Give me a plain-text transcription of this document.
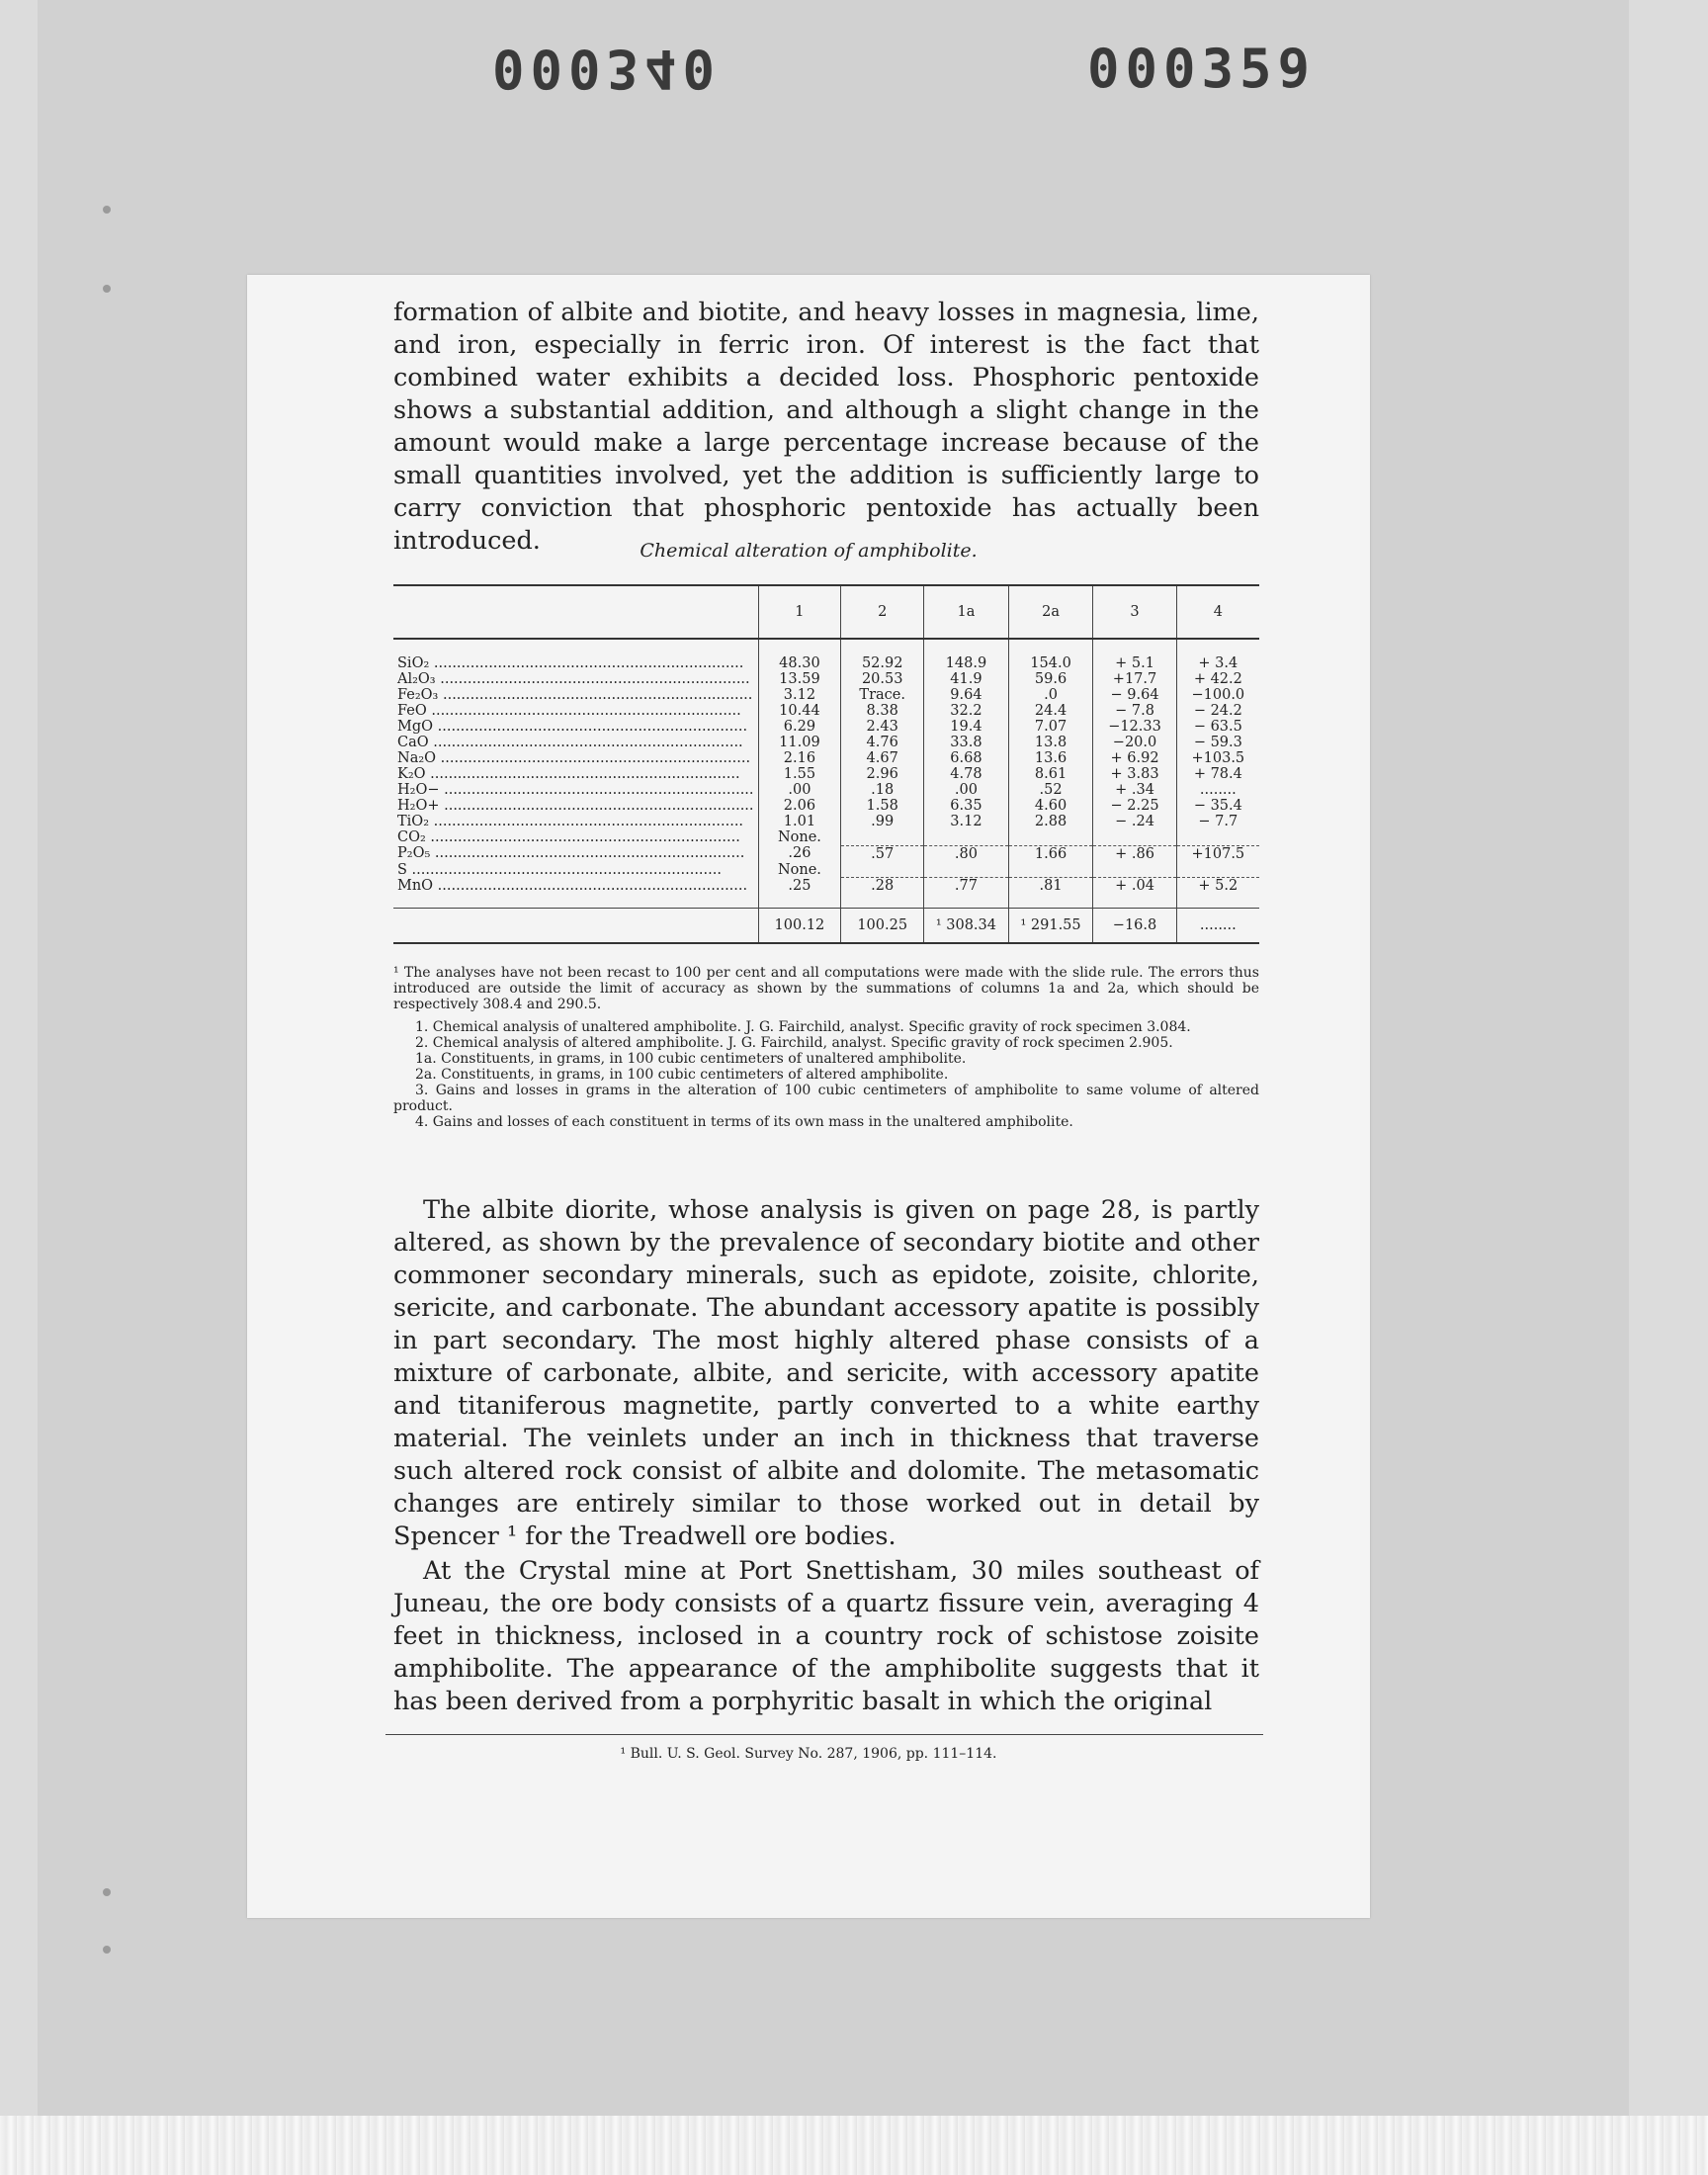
000340	000359

formation of albite and biotite, and heavy losses in magnesia, lime, and iron, especially in ferric iron. Of interest is the fact that combined water exhibits a decided loss. Phosphoric pentoxide shows a substantial addition, and although a slight change in the amount would make a large percentage increase because of the small quantities involved, yet the addition is sufficiently large to carry conviction that phosphoric pentoxide has actually been introduced.	Chemical alteration of amphibolite.
	1	2	1a	2a	3	4

SiO₂ .....	48.30	52.92	148.9	154.0	+ 5.1	+ 3.4
Al₂O₃ .....	13.59	20.53	41.9	59.6	+17.7	+ 42.2
Fe₂O₃ .....	3.12	Trace.	9.64	.0	− 9.64	−100.0
FeO .....	10.44	8.38	32.2	24.4	− 7.8	− 24.2
MgO .....	6.29	2.43	19.4	7.07	−12.33	− 63.5
CaO .....	11.09	4.76	33.8	13.8	−20.0	− 59.3
Na₂O .....	2.16	4.67	6.68	13.6	+ 6.92	+103.5
K₂O .....	1.55	2.96	4.78	8.61	+ 3.83	+ 78.4
H₂O− .....	.00	.18	.00	.52	+ .34	........
H₂O+ .....	2.06	1.58	6.35	4.60	− 2.25	− 35.4
TiO₂ .....	1.01	.99	3.12	2.88	− .24	− 7.7
CO₂ .....	None.					
P₂O₅ .....	.26	.57	.80	1.66	+ .86	+107.5
S .....	None.					
MnO .....	.25	.28	.77	.81	+ .04	+ 5.2

	100.12	100.25	¹ 308.34	¹ 291.55	−16.8	........

¹ The analyses have not been recast to 100 per cent and all computations were made with the slide rule. The errors thus introduced are outside the limit of accuracy as shown by the summations of columns 1a and 2a, which should be respectively 308.4 and 290.5.

1. Chemical analysis of unaltered amphibolite. J. G. Fairchild, analyst. Specific gravity of rock specimen 3.084.

2. Chemical analysis of altered amphibolite. J. G. Fairchild, analyst. Specific gravity of rock specimen 2.905.

1a. Constituents, in grams, in 100 cubic centimeters of unaltered amphibolite.

2a. Constituents, in grams, in 100 cubic centimeters of altered amphibolite.

3. Gains and losses in grams in the alteration of 100 cubic centimeters of amphibolite to same volume of altered product.

4. Gains and losses of each constituent in terms of its own mass in the unaltered amphibolite.

The albite diorite, whose analysis is given on page 28, is partly altered, as shown by the prevalence of secondary biotite and other commoner secondary minerals, such as epidote, zoisite, chlorite, sericite, and carbonate. The abundant accessory apatite is possibly in part secondary. The most highly altered phase consists of a mixture of carbonate, albite, and sericite, with accessory apatite and titaniferous magnetite, partly converted to a white earthy material. The veinlets under an inch in thickness that traverse such altered rock consist of albite and dolomite. The metasomatic changes are entirely similar to those worked out in detail by Spencer ¹ for the Treadwell ore bodies.

At the Crystal mine at Port Snettisham, 30 miles southeast of Juneau, the ore body consists of a quartz fissure vein, averaging 4 feet in thickness, inclosed in a country rock of schistose zoisite amphibolite. The appearance of the amphibolite suggests that it has been derived from a porphyritic basalt in which the original

¹ Bull. U. S. Geol. Survey No. 287, 1906, pp. 111–114.
